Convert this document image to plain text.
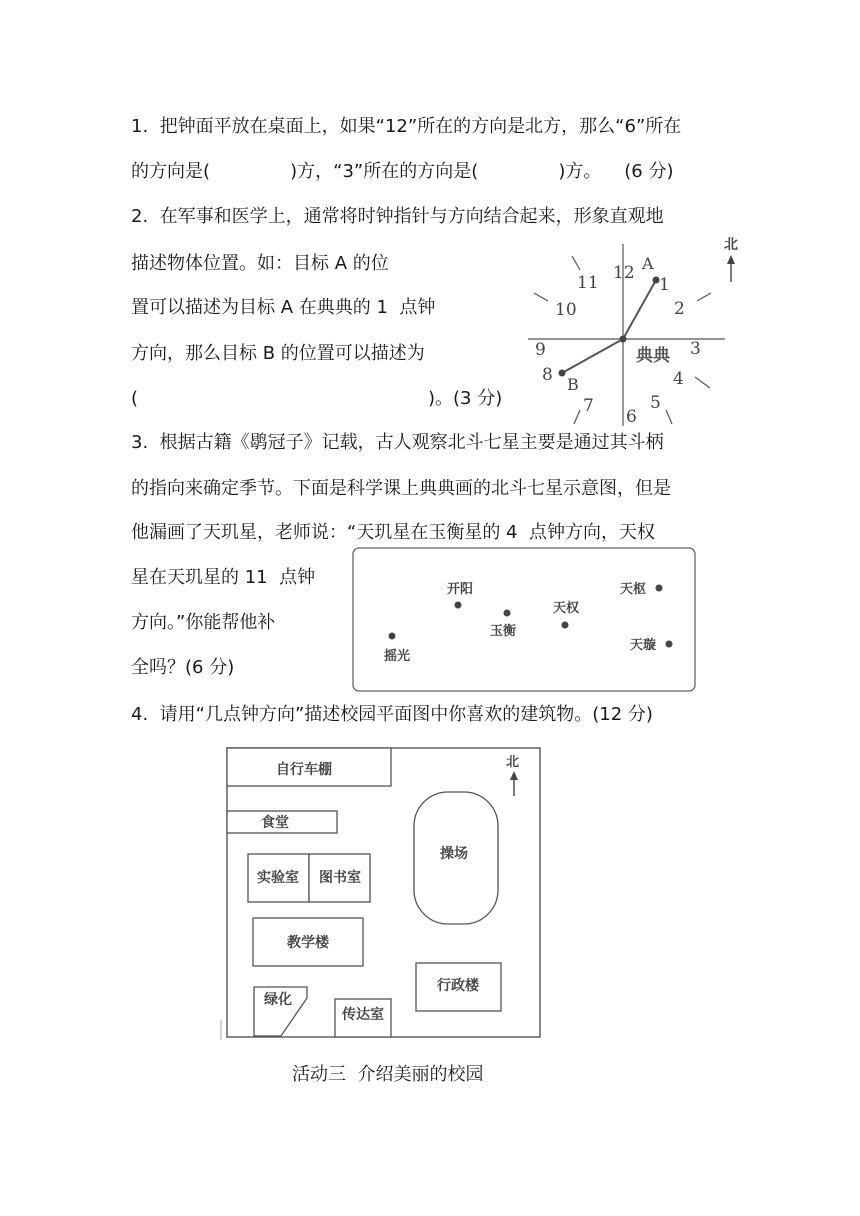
1.  把钟面平放在桌面上，如果“12”所在的方向是北方，那么“6”所在
的方向是(              )方，“3”所在的方向是(              )方。    (6 分)
2.  在军事和医学上，通常将时钟指针与方向结合起来，形象直观地
描述物体位置。如：目标 A 的位
置可以描述为目标 A 在典典的 1  点钟
方向，那么目标 B 的位置可以描述为
(	)。(3 分)
11 12
1
2
10
9	3
8	4
7
6
5
A
B
典典
北
3.  根据古籍《鹖冠子》记载，古人观察北斗七星主要是通过其斗柄
的指向来确定季节。下面是科学课上典典画的北斗七星示意图，但是
他漏画了天玑星，老师说：“天玑星在玉衡星的 4  点钟方向，天权
星在天玑星的 11  点钟
方向。”你能帮他补
全吗？(6 分)
开阳
玉衡
天权
天枢
天璇
摇光
4.  请用“几点钟方向”描述校园平面图中你喜欢的建筑物。(12 分)
自行车棚
食堂
实验室 图书室
教学楼
绿化
传达室
操场
行政楼
北
活动三  介绍美丽的校园
